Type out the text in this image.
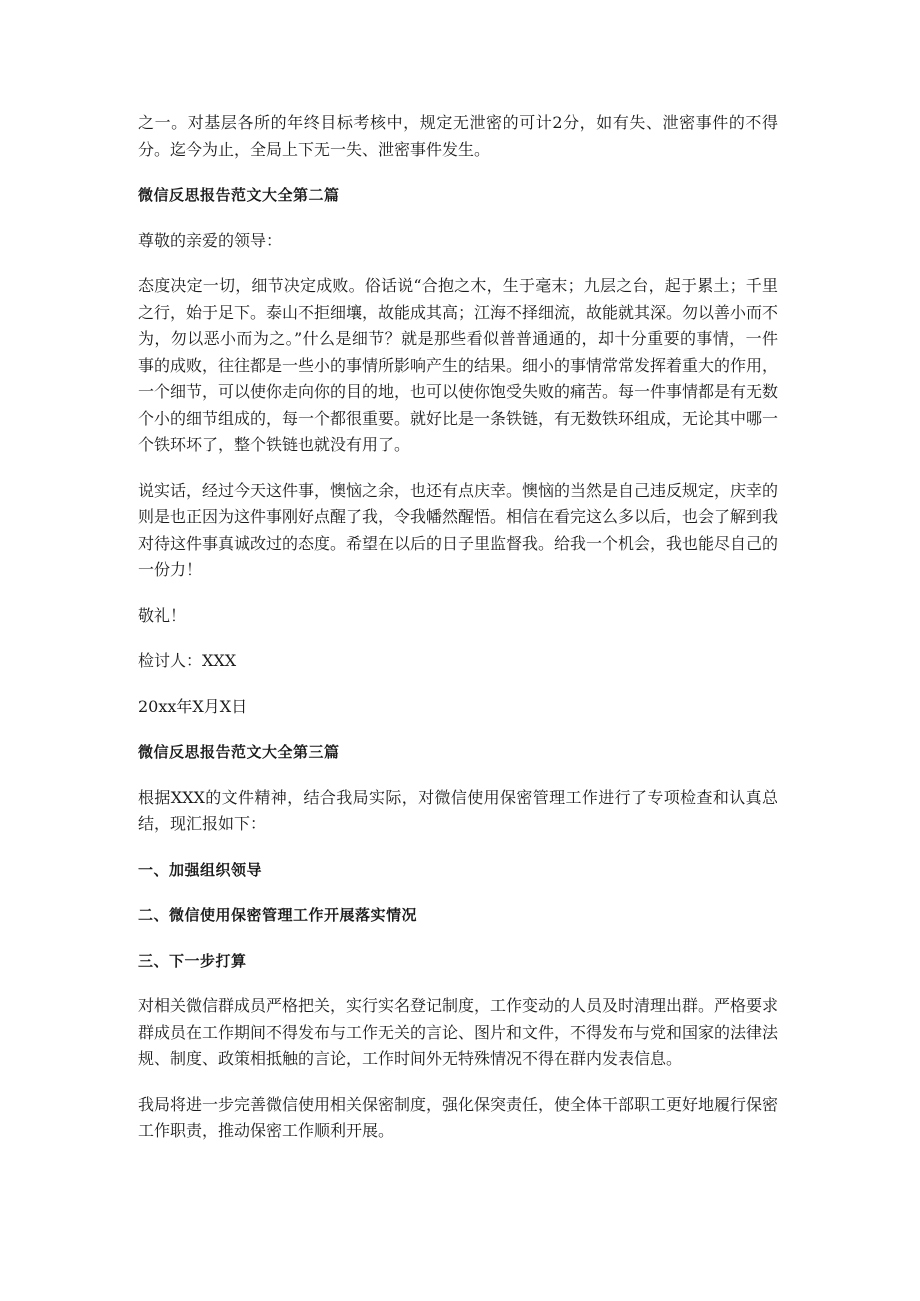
之一。对基层各所的年终目标考核中，规定无泄密的可计2分，如有失、泄密事件的不得分。迄今为止，全局上下无一失、泄密事件发生。

微信反思报告范文大全第二篇

尊敬的亲爱的领导：

态度决定一切，细节决定成败。俗话说“合抱之木，生于毫末；九层之台，起于累土；千里之行，始于足下。泰山不拒细壤，故能成其高；江海不择细流，故能就其深。勿以善小而不为，勿以恶小而为之。”什么是细节？就是那些看似普普通通的，却十分重要的事情，一件事的成败，往往都是一些小的事情所影响产生的结果。细小的事情常常发挥着重大的作用，一个细节，可以使你走向你的目的地，也可以使你饱受失败的痛苦。每一件事情都是有无数个小的细节组成的，每一个都很重要。就好比是一条铁链，有无数铁环组成，无论其中哪一个铁环坏了，整个铁链也就没有用了。

说实话，经过今天这件事，懊恼之余，也还有点庆幸。懊恼的当然是自己违反规定，庆幸的则是也正因为这件事刚好点醒了我，令我幡然醒悟。相信在看完这么多以后，也会了解到我对待这件事真诚改过的态度。希望在以后的日子里监督我。给我一个机会，我也能尽自己的一份力！

敬礼！

检讨人：XXX

20xx年X月X日

微信反思报告范文大全第三篇

根据XXX的文件精神，结合我局实际，对微信使用保密管理工作进行了专项检查和认真总结，现汇报如下：

一、加强组织领导
二、微信使用保密管理工作开展落实情况
三、下一步打算

对相关微信群成员严格把关，实行实名登记制度，工作变动的人员及时清理出群。严格要求群成员在工作期间不得发布与工作无关的言论、图片和文件，不得发布与党和国家的法律法规、制度、政策相抵触的言论，工作时间外无特殊情况不得在群内发表信息。

我局将进一步完善微信使用相关保密制度，强化保突责任，使全体干部职工更好地履行保密工作职责，推动保密工作顺利开展。
